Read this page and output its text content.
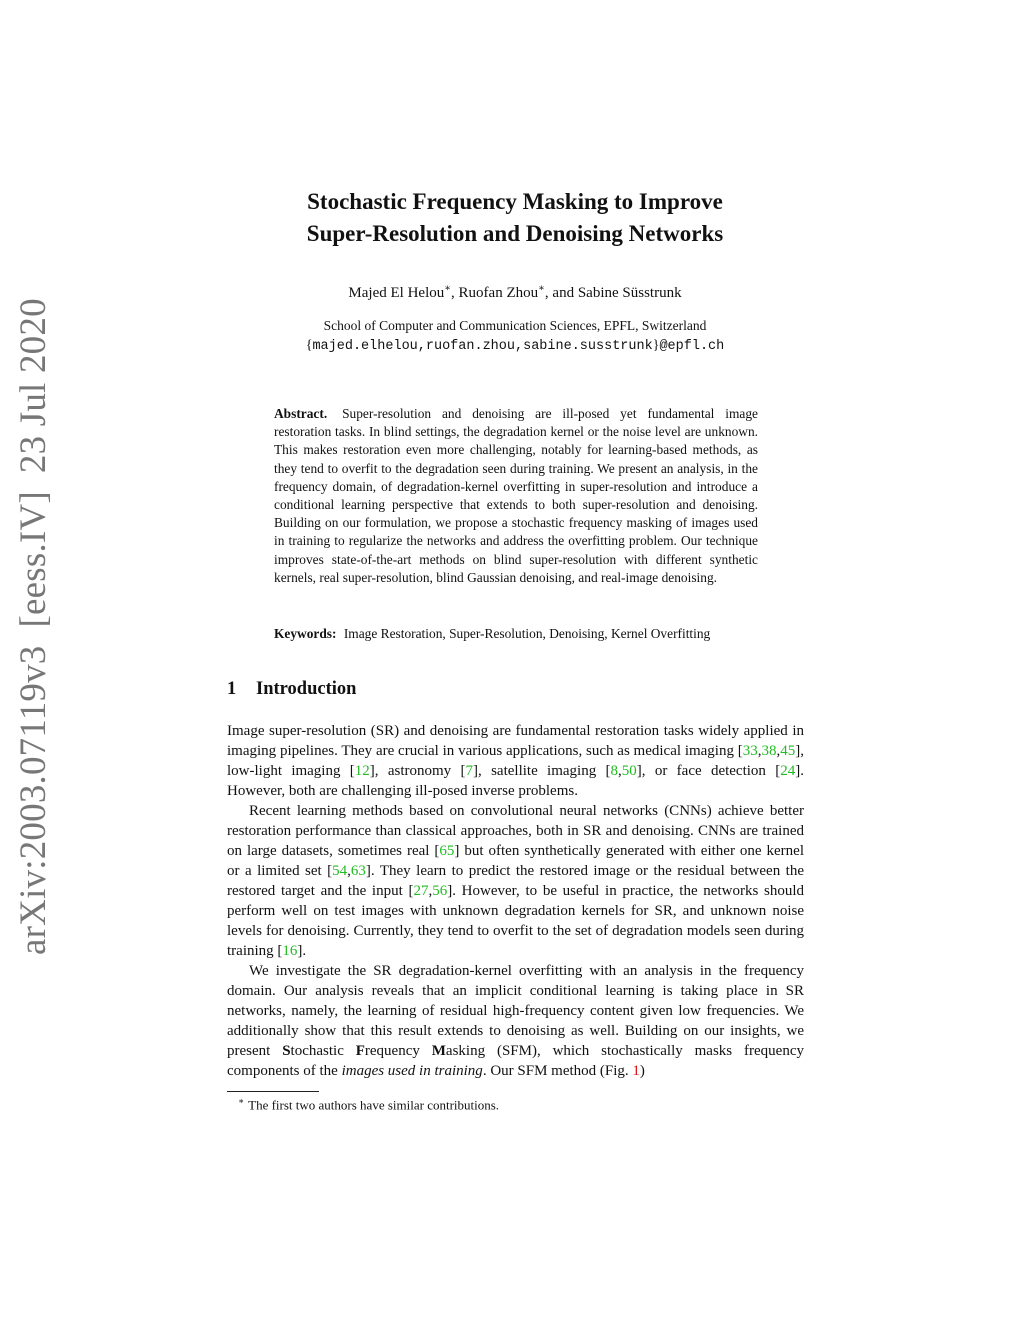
arXiv:2003.07119v3[eess.IV]23 Jul 2020
Stochastic Frequency Masking to Improve
Super-Resolution and Denoising Networks
Majed El Helou∗, Ruofan Zhou∗, and Sabine Süsstrunk
School of Computer and Communication Sciences, EPFL, Switzerland
{majed.elhelou,ruofan.zhou,sabine.susstrunk}@epfl.ch
Abstract. Super-resolution and denoising are ill-posed yet fundamental image restoration tasks. In blind settings, the degradation kernel or the noise level are unknown. This makes restoration even more challenging, notably for learning-based methods, as they tend to overfit to the degradation seen during training. We present an analysis, in the frequency domain, of degradation-kernel overfitting in super-resolution and introduce a conditional learning perspective that extends to both super-resolution and denoising. Building on our formulation, we propose a stochastic frequency masking of images used in training to regularize the networks and address the overfitting problem. Our technique improves state-of-the-art methods on blind super-resolution with different synthetic kernels, real super-resolution, blind Gaussian denoising, and real-image denoising.
Keywords: Image Restoration, Super-Resolution, Denoising, Kernel Overfitting
1 Introduction

Image super-resolution (SR) and denoising are fundamental restoration tasks widely applied in imaging pipelines. They are crucial in various applications, such as medical imaging [33,38,45], low-light imaging [12], astronomy [7], satellite imaging [8,50], or face detection [24]. However, both are challenging ill-posed inverse problems.

Recent learning methods based on convolutional neural networks (CNNs) achieve better restoration performance than classical approaches, both in SR and denoising. CNNs are trained on large datasets, sometimes real [65] but often synthetically generated with either one kernel or a limited set [54,63]. They learn to predict the restored image or the residual between the restored target and the input [27,56]. However, to be useful in practice, the networks should perform well on test images with unknown degradation kernels for SR, and unknown noise levels for denoising. Currently, they tend to overfit to the set of degradation models seen during training [16].

We investigate the SR degradation-kernel overfitting with an analysis in the frequency domain. Our analysis reveals that an implicit conditional learning is taking place in SR networks, namely, the learning of residual high-frequency content given low frequencies. We additionally show that this result extends to denoising as well. Building on our insights, we present Stochastic Frequency Masking (SFM), which stochastically masks frequency components of the images used in training. Our SFM method (Fig. 1)

∗ The first two authors have similar contributions.
